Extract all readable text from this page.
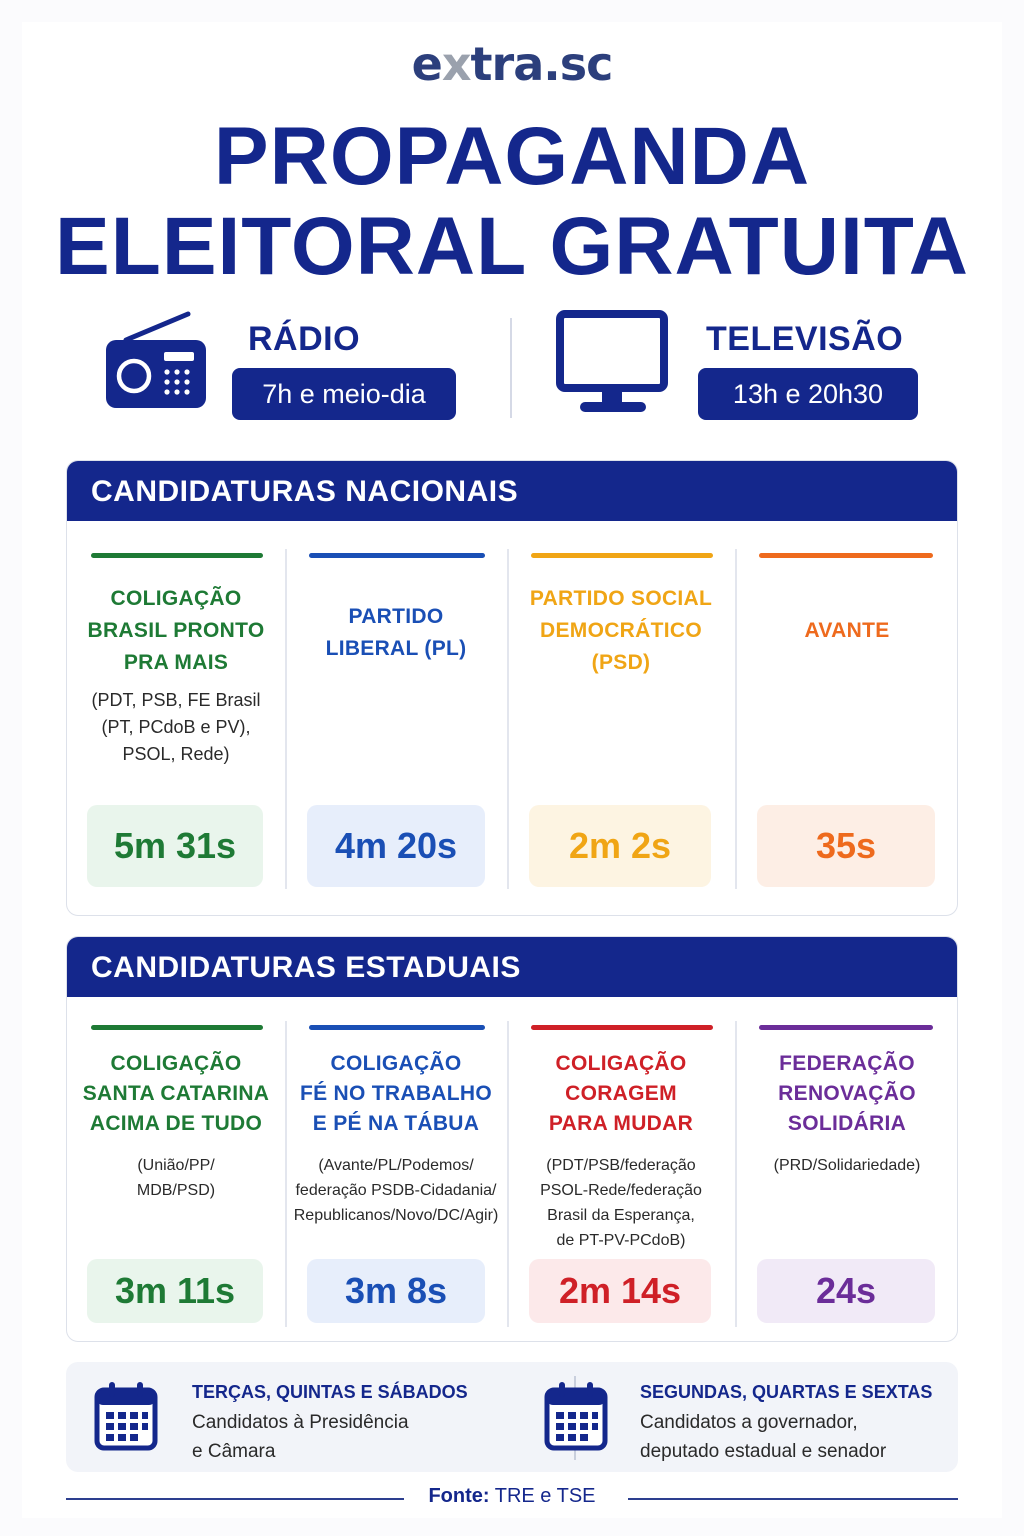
extra.sc
PROPAGANDA
ELEITORAL GRATUITA
RÁDIO
7h e meio-dia
TELEVISÃO
13h e 20h30
CANDIDATURAS NACIONAIS
COLIGAÇÃO
BRASIL PRONTO
PRA MAIS
(PDT, PSB, FE Brasil
(PT, PCdoB e PV),
PSOL, Rede)
5m 31s
PARTIDO
LIBERAL (PL)
4m 20s
PARTIDO SOCIAL
DEMOCRÁTICO
(PSD)
2m 2s
AVANTE
35s
CANDIDATURAS ESTADUAIS
COLIGAÇÃO
SANTA CATARINA
ACIMA DE TUDO
(União/PP/
MDB/PSD)
3m 11s
COLIGAÇÃO
FÉ NO TRABALHO
E PÉ NA TÁBUA
(Avante/PL/Podemos/
federação PSDB-Cidadania/
Republicanos/Novo/DC/Agir)
3m 8s
COLIGAÇÃO
CORAGEM
PARA MUDAR
(PDT/PSB/federação
PSOL-Rede/federação
Brasil da Esperança,
de PT-PV-PCdoB)
2m 14s
FEDERAÇÃO
RENOVAÇÃO
SOLIDÁRIA
(PRD/Solidariedade)
24s
TERÇAS, QUINTAS E SÁBADOS
Candidatos à Presidência
e Câmara
SEGUNDAS, QUARTAS E SEXTAS
Candidatos a governador,
deputado estadual e senador
Fonte: TRE e TSE
